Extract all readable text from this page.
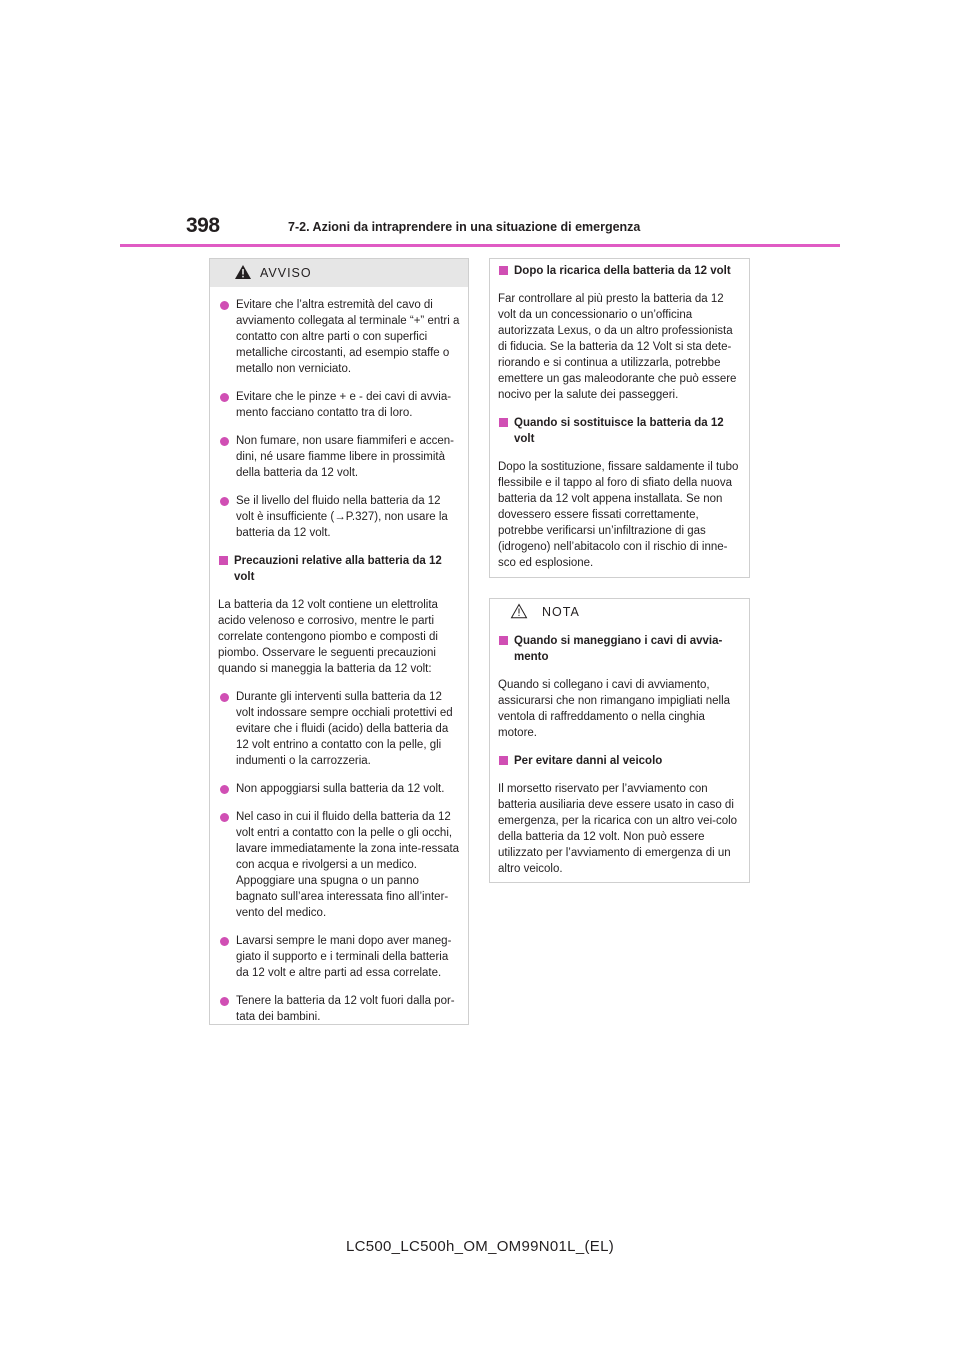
398	7-2. Azioni da intraprendere in una situazione di emergenza
AVVISO
Evitare che l’altra estremità del cavo di avviamento collegata al terminale “+” entri a contatto con altre parti o con superfici metalliche circostanti, ad esempio staffe o metallo non verniciato.
Evitare che le pinze + e - dei cavi di avvia-mento facciano contatto tra di loro.
Non fumare, non usare fiammiferi e accen-dini, né usare fiamme libere in prossimità della batteria da 12 volt.
Se il livello del fluido nella batteria da 12 volt è insufficiente (→P.327), non usare la batteria da 12 volt.
Precauzioni relative alla batteria da 12 volt
La batteria da 12 volt contiene un elettrolita acido velenoso e corrosivo, mentre le parti correlate contengono piombo e composti di piombo. Osservare le seguenti precauzioni quando si maneggia la batteria da 12 volt:
Durante gli interventi sulla batteria da 12 volt indossare sempre occhiali protettivi ed evitare che i fluidi (acido) della batteria da 12 volt entrino a contatto con la pelle, gli indumenti o la carrozzeria.
Non appoggiarsi sulla batteria da 12 volt.
Nel caso in cui il fluido della batteria da 12 volt entri a contatto con la pelle o gli occhi, lavare immediatamente la zona inte-ressata con acqua e rivolgersi a un medico. Appoggiare una spugna o un panno bagnato sull’area interessata fino all’inter-vento del medico.
Lavarsi sempre le mani dopo aver maneg-giato il supporto e i terminali della batteria da 12 volt e altre parti ad essa correlate.
Tenere la batteria da 12 volt fuori dalla por-tata dei bambini.
Dopo la ricarica della batteria da 12 volt
Far controllare al più presto la batteria da 12 volt da un concessionario o un’officina autorizzata Lexus, o da un altro professionista di fiducia. Se la batteria da 12 Volt si sta dete-riorando e si continua a utilizzarla, potrebbe emettere un gas maleodorante che può essere nocivo per la salute dei passeggeri.
Quando si sostituisce la batteria da 12 volt
Dopo la sostituzione, fissare saldamente il tubo flessibile e il tappo al foro di sfiato della nuova batteria da 12 volt appena installata. Se non dovessero essere fissati correttamente, potrebbe verificarsi un’infiltrazione di gas (idrogeno) nell’abitacolo con il rischio di inne-sco ed esplosione.
NOTA
Quando si maneggiano i cavi di avvia-mento
Quando si collegano i cavi di avviamento, assicurarsi che non rimangano impigliati nella ventola di raffreddamento o nella cinghia motore.
Per evitare danni al veicolo
Il morsetto riservato per l’avviamento con batteria ausiliaria deve essere usato in caso di emergenza, per la ricarica con un altro vei-colo della batteria da 12 volt. Non può essere utilizzato per l’avviamento di emergenza di un altro veicolo.
LC500_LC500h_OM_OM99N01L_(EL)
